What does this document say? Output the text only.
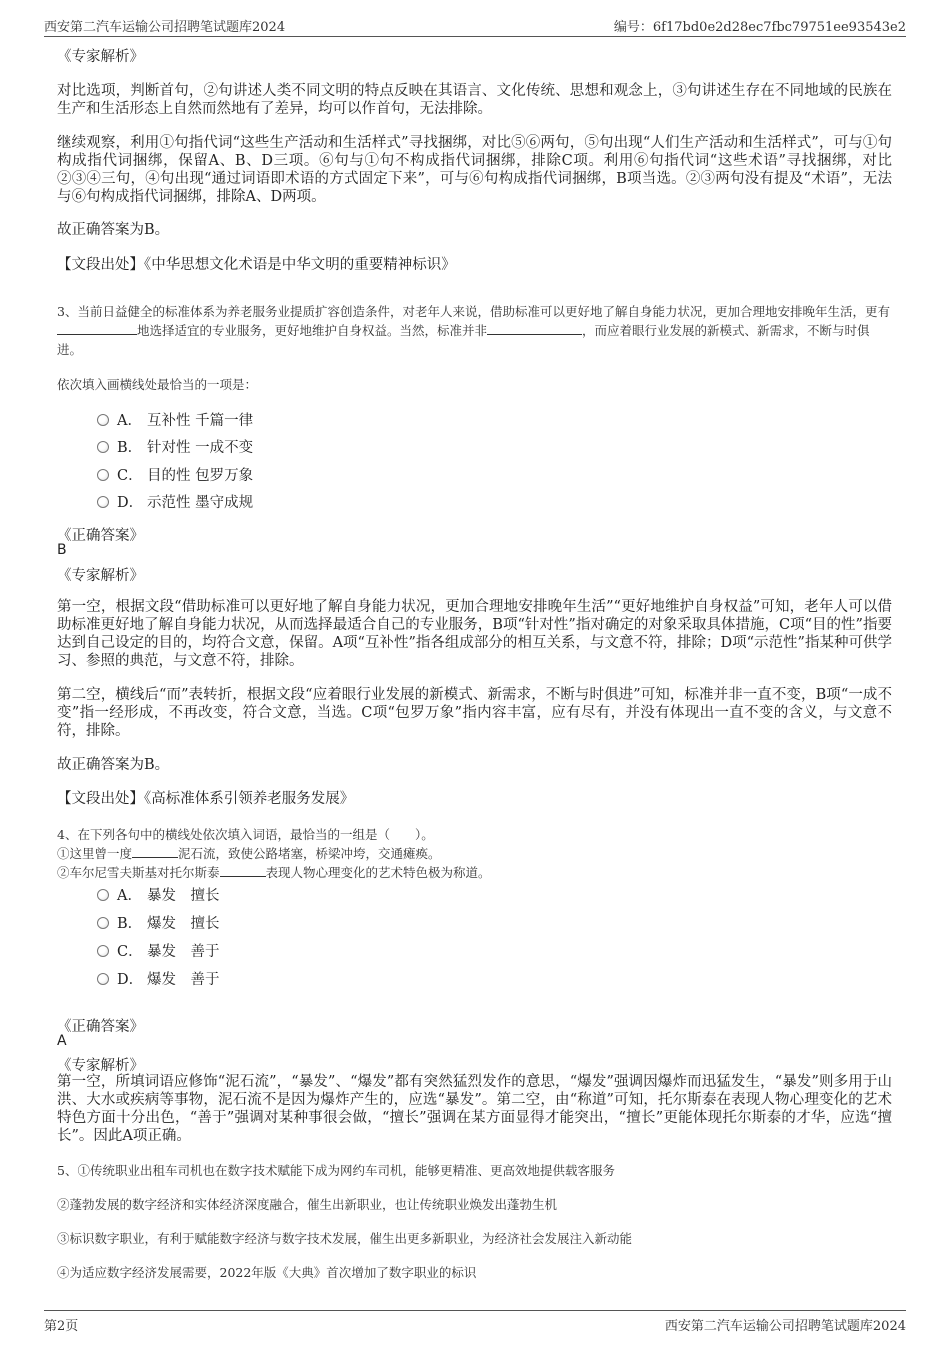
西安第二汽车运输公司招聘笔试题库2024	编号：6f17bd0e2d28ec7fbc79751ee93543e2

《专家解析》

对比选项，判断首句，②句讲述人类不同文明的特点反映在其语言、文化传统、思想和观念上，③句讲述生存在不同地域的民族在生产和生活形态上自然而然地有了差异，均可以作首句，无法排除。

继续观察，利用①句指代词“这些生产活动和生活样式”寻找捆绑，对比⑤⑥两句，⑤句出现“人们生产活动和生活样式”，可与①句构成指代词捆绑，保留A、B、D三项。⑥句与①句不构成指代词捆绑，排除C项。利用⑥句指代词“这些术语”寻找捆绑，对比②③④三句，④句出现“通过词语即术语的方式固定下来”，可与⑥句构成指代词捆绑，B项当选。②③两句没有提及“术语”，无法与⑥句构成指代词捆绑，排除A、D两项。

故正确答案为B。

【文段出处】《中华思想文化术语是中华文明的重要精神标识》

3、当前日益健全的标准体系为养老服务业提质扩容创造条件，对老年人来说，借助标准可以更好地了解自身能力状况，更加合理地安排晚年生活，更有地选择适宜的专业服务，更好地维护自身权益。当然，标准并非	，而应着眼行业发展的新模式、新需求，不断与时俱进。

依次填入画横线处最恰当的一项是：

A． 互补性 千篇一律
B． 针对性 一成不变
C． 目的性 包罗万象
D． 示范性 墨守成规
《正确答案》
B
《专家解析》

第一空，根据文段“借助标准可以更好地了解自身能力状况，更加合理地安排晚年生活”“更好地维护自身权益”可知，老年人可以借助标准更好地了解自身能力状况，从而选择最适合自己的专业服务，B项“针对性”指对确定的对象采取具体措施，C项“目的性”指要达到自己设定的目的，均符合文意，保留。A项“互补性”指各组成部分的相互关系，与文意不符，排除；D项“示范性”指某种可供学习、参照的典范，与文意不符，排除。

第二空，横线后“而”表转折，根据文段“应着眼行业发展的新模式、新需求，不断与时俱进”可知，标准并非一直不变，B项“一成不变”指一经形成，不再改变，符合文意，当选。C项“包罗万象”指内容丰富，应有尽有，并没有体现出一直不变的含义，与文意不符，排除。

故正确答案为B。

【文段出处】《高标准体系引领养老服务发展》

4、在下列各句中的横线处依次填入词语，最恰当的一组是（　　）。

①这里曾一度	泥石流，致使公路堵塞，桥梁冲垮，交通瘫痪。

②车尔尼雪夫斯基对托尔斯泰	表现人物心理变化的艺术特色极为称道。

A． 暴发　擅长
B． 爆发　擅长
C． 暴发　善于
D． 爆发　善于
《正确答案》
A
《专家解析》

第一空，所填词语应修饰“泥石流”，“暴发”、“爆发”都有突然猛烈发作的意思，“爆发”强调因爆炸而迅猛发生，“暴发”则多用于山洪、大水或疾病等事物，泥石流不是因为爆炸产生的，应选“暴发”。第二空，由“称道”可知，托尔斯泰在表现人物心理变化的艺术特色方面十分出色，“善于”强调对某种事很会做，“擅长”强调在某方面显得才能突出，“擅长”更能体现托尔斯泰的才华，应选“擅长”。因此A项正确。

5、①传统职业出租车司机也在数字技术赋能下成为网约车司机，能够更精准、更高效地提供载客服务

②蓬勃发展的数字经济和实体经济深度融合，催生出新职业，也让传统职业焕发出蓬勃生机

③标识数字职业，有利于赋能数字经济与数字技术发展，催生出更多新职业，为经济社会发展注入新动能

④为适应数字经济发展需要，2022年版《大典》首次增加了数字职业的标识

第2页	西安第二汽车运输公司招聘笔试题库2024
